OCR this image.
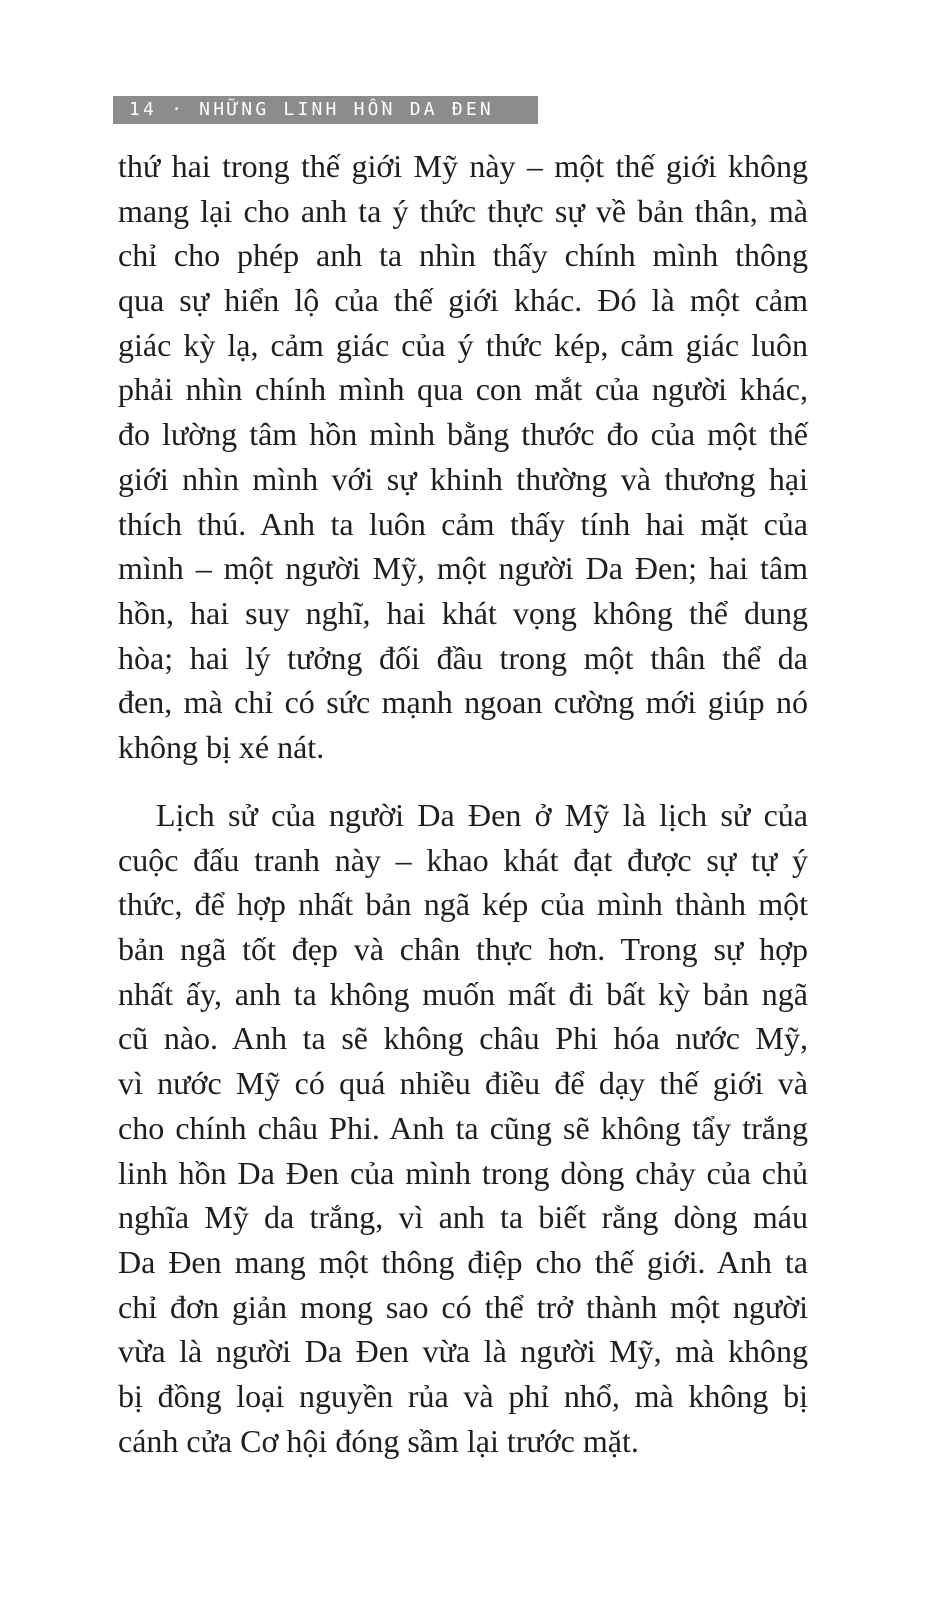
14 · NHỮNG LINH HỒN DA ĐEN
thứ hai trong thế giới Mỹ này – một thế giới không
mang lại cho anh ta ý thức thực sự về bản thân, mà
chỉ cho phép anh ta nhìn thấy chính mình thông
qua sự hiển lộ của thế giới khác. Đó là một cảm
giác kỳ lạ, cảm giác của ý thức kép, cảm giác luôn
phải nhìn chính mình qua con mắt của người khác,
đo lường tâm hồn mình bằng thước đo của một thế
giới nhìn mình với sự khinh thường và thương hại
thích thú. Anh ta luôn cảm thấy tính hai mặt của
mình – một người Mỹ, một người Da Đen; hai tâm
hồn, hai suy nghĩ, hai khát vọng không thể dung
hòa; hai lý tưởng đối đầu trong một thân thể da
đen, mà chỉ có sức mạnh ngoan cường mới giúp nó
không bị xé nát.
Lịch sử của người Da Đen ở Mỹ là lịch sử của
cuộc đấu tranh này – khao khát đạt được sự tự ý
thức, để hợp nhất bản ngã kép của mình thành một
bản ngã tốt đẹp và chân thực hơn. Trong sự hợp
nhất ấy, anh ta không muốn mất đi bất kỳ bản ngã
cũ nào. Anh ta sẽ không châu Phi hóa nước Mỹ,
vì nước Mỹ có quá nhiều điều để dạy thế giới và
cho chính châu Phi. Anh ta cũng sẽ không tẩy trắng
linh hồn Da Đen của mình trong dòng chảy của chủ
nghĩa Mỹ da trắng, vì anh ta biết rằng dòng máu
Da Đen mang một thông điệp cho thế giới. Anh ta
chỉ đơn giản mong sao có thể trở thành một người
vừa là người Da Đen vừa là người Mỹ, mà không
bị đồng loại nguyền rủa và phỉ nhổ, mà không bị
cánh cửa Cơ hội đóng sầm lại trước mặt.
